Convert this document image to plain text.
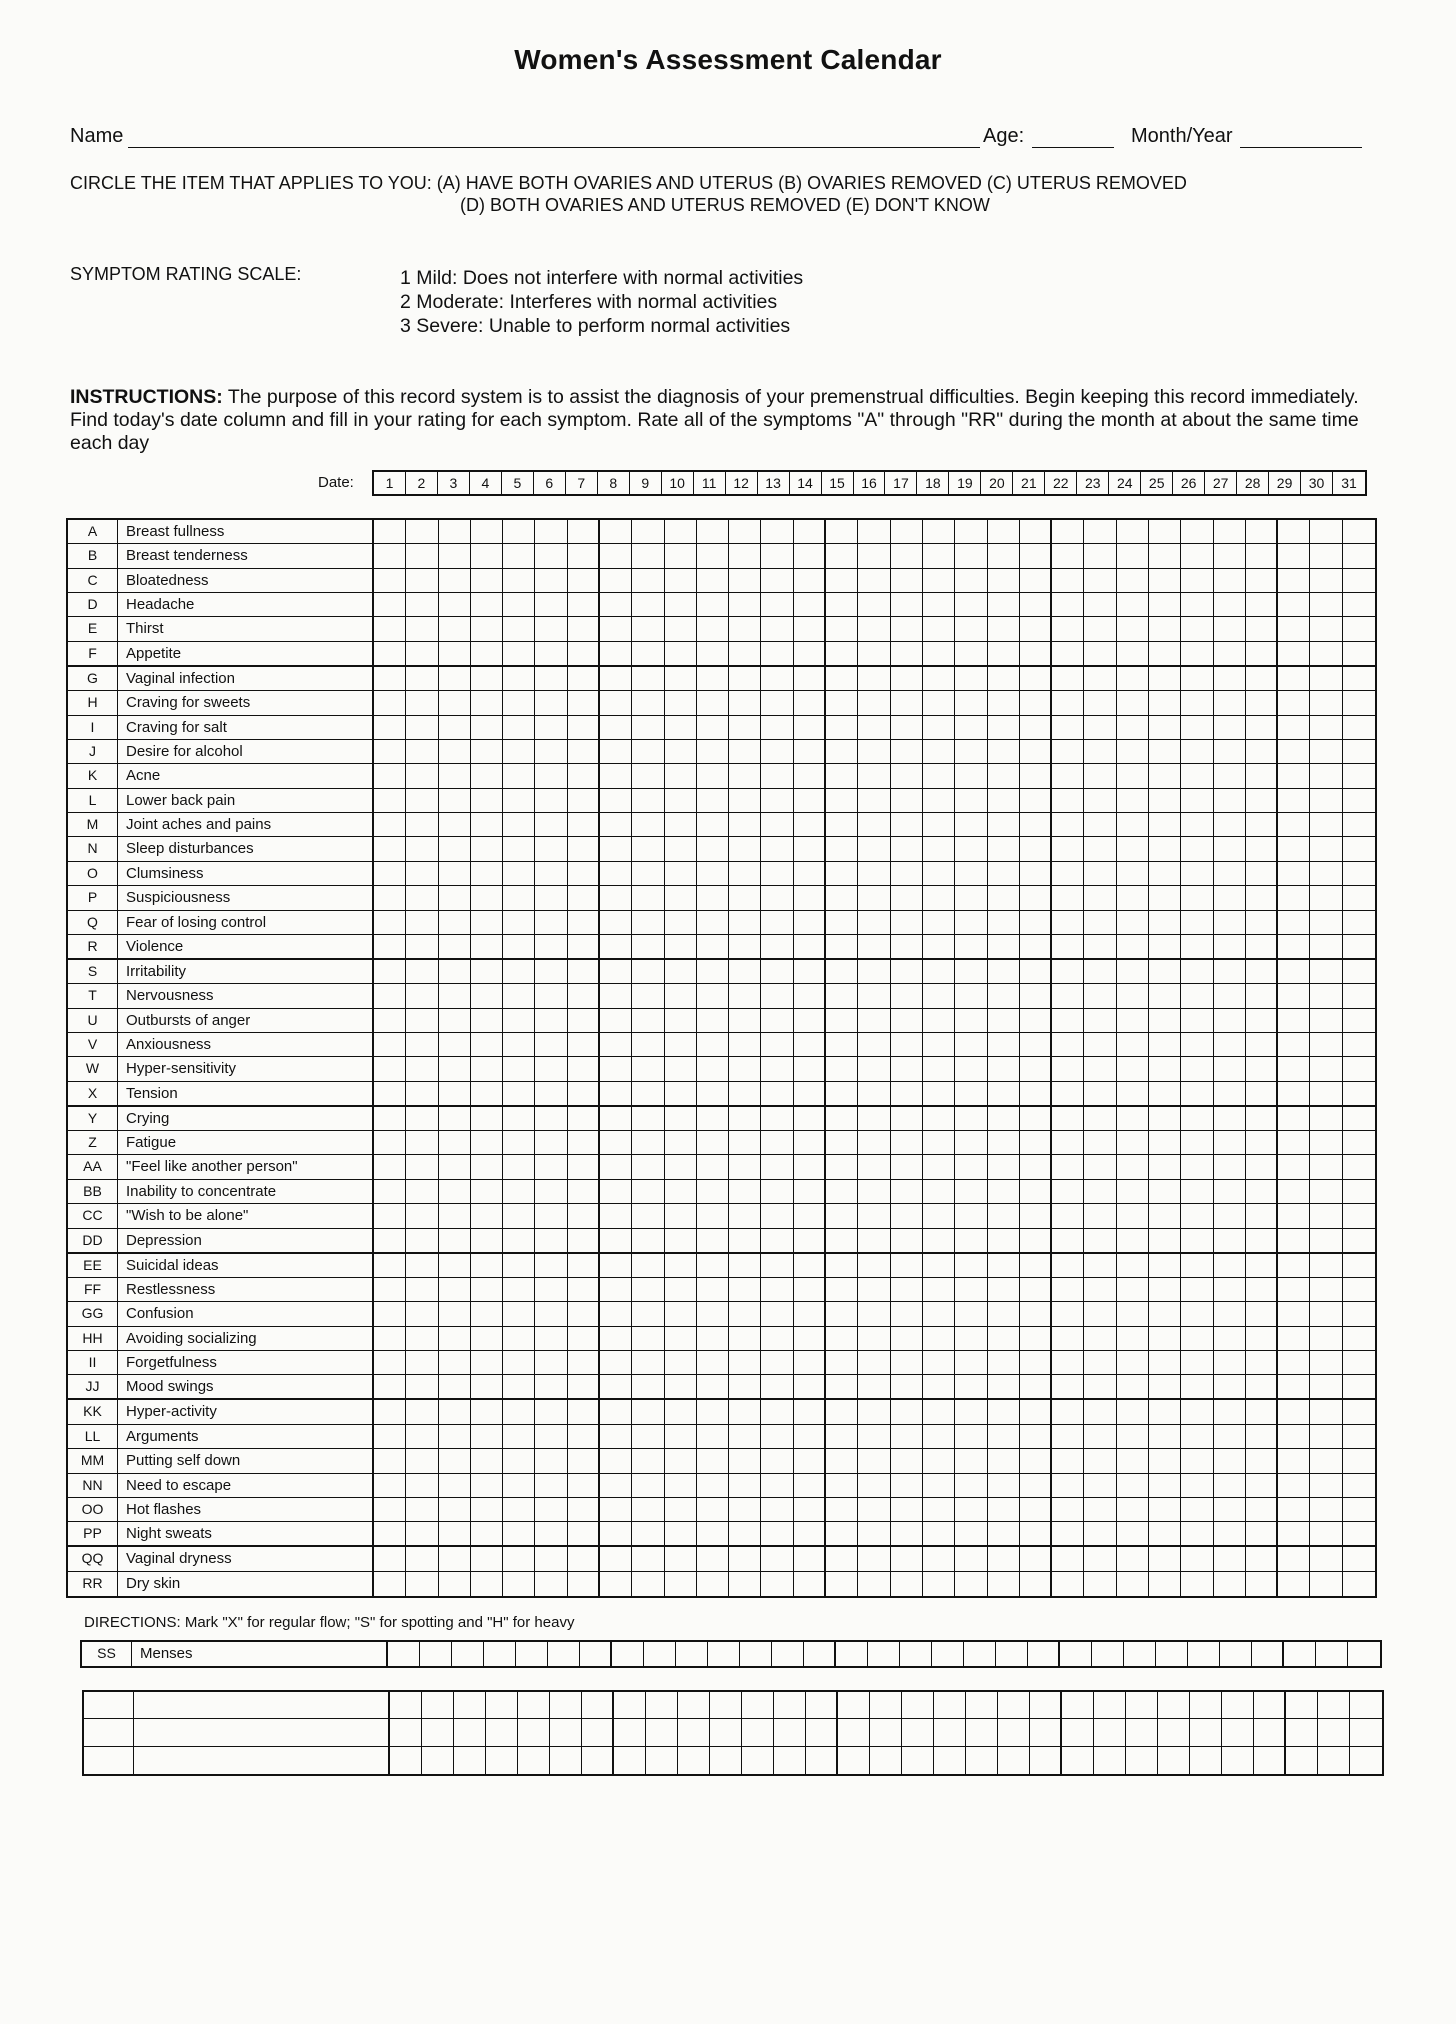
Women's Assessment Calendar
Name	Age:	Month/Year
CIRCLE THE ITEM THAT APPLIES TO YOU: (A) HAVE BOTH OVARIES AND UTERUS (B) OVARIES REMOVED (C) UTERUS REMOVED
(D) BOTH OVARIES AND UTERUS REMOVED (E) DON'T KNOW
SYMPTOM RATING SCALE:	1 Mild: Does not interfere with normal activities
2 Moderate: Interferes with normal activities
3 Severe: Unable to perform normal activities
INSTRUCTIONS: The purpose of this record system is to assist the diagnosis of your premenstrual difficulties. Begin keeping this record immediately. Find today's date column and fill in your rating for each symptom. Rate all of the symptoms "A" through "RR" during the month at about the same time each day
Date:	1	2	3	4	5	6	7	8	9	10	11	12	13	14	15	16	17	18	19	20	21	22	23	24	25	26	27	28	29	30	31
A	Breast fullness
B	Breast tenderness
C	Bloatedness
D	Headache
E	Thirst
F	Appetite
G	Vaginal infection
H	Craving for sweets
I	Craving for salt
J	Desire for alcohol
K	Acne
L	Lower back pain
M	Joint aches and pains
N	Sleep disturbances
O	Clumsiness
P	Suspiciousness
Q	Fear of losing control
R	Violence
S	Irritability
T	Nervousness
U	Outbursts of anger
V	Anxiousness
W	Hyper-sensitivity
X	Tension
Y	Crying
Z	Fatigue
AA	"Feel like another person"
BB	Inability to concentrate
CC	"Wish to be alone"
DD	Depression
EE	Suicidal ideas
FF	Restlessness
GG	Confusion
HH	Avoiding socializing
II	Forgetfulness
JJ	Mood swings
KK	Hyper-activity
LL	Arguments
MM	Putting self down
NN	Need to escape
OO	Hot flashes
PP	Night sweats
QQ	Vaginal dryness
RR	Dry skin
DIRECTIONS: Mark "X" for regular flow; "S" for spotting and "H" for heavy
SS	Menses
